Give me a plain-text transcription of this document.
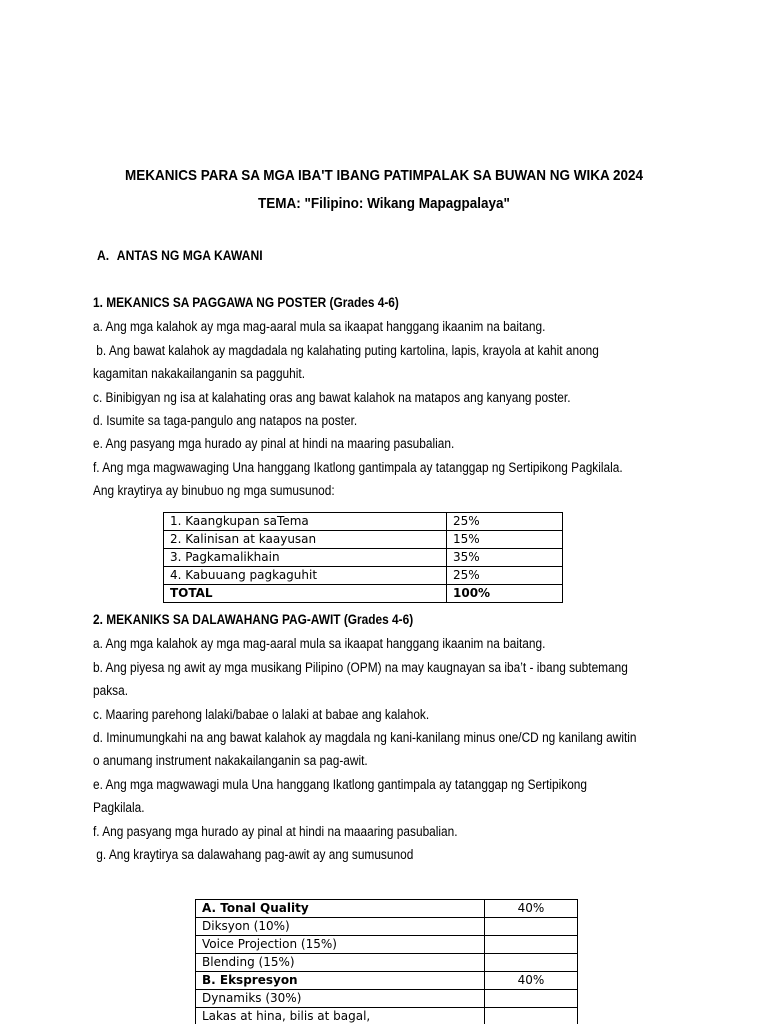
MEKANICS PARA SA MGA IBA'T IBANG PATIMPALAK SA BUWAN NG WIKA 2024
TEMA: "Filipino: Wikang Mapagpalaya"
A. ANTAS NG MGA KAWANI
1. MEKANICS SA PAGGAWA NG POSTER (Grades 4-6)
a. Ang mga kalahok ay mga mag-aaral mula sa ikaapat hanggang ikaanim na baitang.
b. Ang bawat kalahok ay magdadala ng kalahating puting kartolina, lapis, krayola at kahit anong
kagamitan nakakailanganin sa pagguhit.
c. Binibigyan ng isa at kalahating oras ang bawat kalahok na matapos ang kanyang poster.
d. Isumite sa taga-pangulo ang natapos na poster.
e. Ang pasyang mga hurado ay pinal at hindi na maaring pasubalian.
f. Ang mga magwawaging Una hanggang Ikatlong gantimpala ay tatanggap ng Sertipikong Pagkilala.
Ang kraytirya ay binubuo ng mga sumusunod:
1. Kaangkupan saTema	25%
2. Kalinisan at kaayusan	15%
3. Pagkamalikhain	35%
4. Kabuuang pagkaguhit	25%
TOTAL	100%
2. MEKANIKS SA DALAWAHANG PAG-AWIT (Grades 4-6)
a. Ang mga kalahok ay mga mag-aaral mula sa ikaapat hanggang ikaanim na baitang.
b. Ang piyesa ng awit ay mga musikang Pilipino (OPM) na may kaugnayan sa iba’t - ibang subtemang
paksa.
c. Maaring parehong lalaki/babae o lalaki at babae ang kalahok.
d. Iminumungkahi na ang bawat kalahok ay magdala ng kani-kanilang minus one/CD ng kanilang awitin
o anumang instrument nakakailanganin sa pag-awit.
e. Ang mga magwawagi mula Una hanggang Ikatlong gantimpala ay tatanggap ng Sertipikong
Pagkilala.
f. Ang pasyang mga hurado ay pinal at hindi na maaaring pasubalian.
g. Ang kraytirya sa dalawahang pag-awit ay ang sumusunod
A. Tonal Quality	40%
Diksyon (10%)	
Voice Projection (15%)	
Blending (15%)	
B. Ekspresyon	40%
Dynamiks (30%)	
Lakas at hina, bilis at bagal,	
